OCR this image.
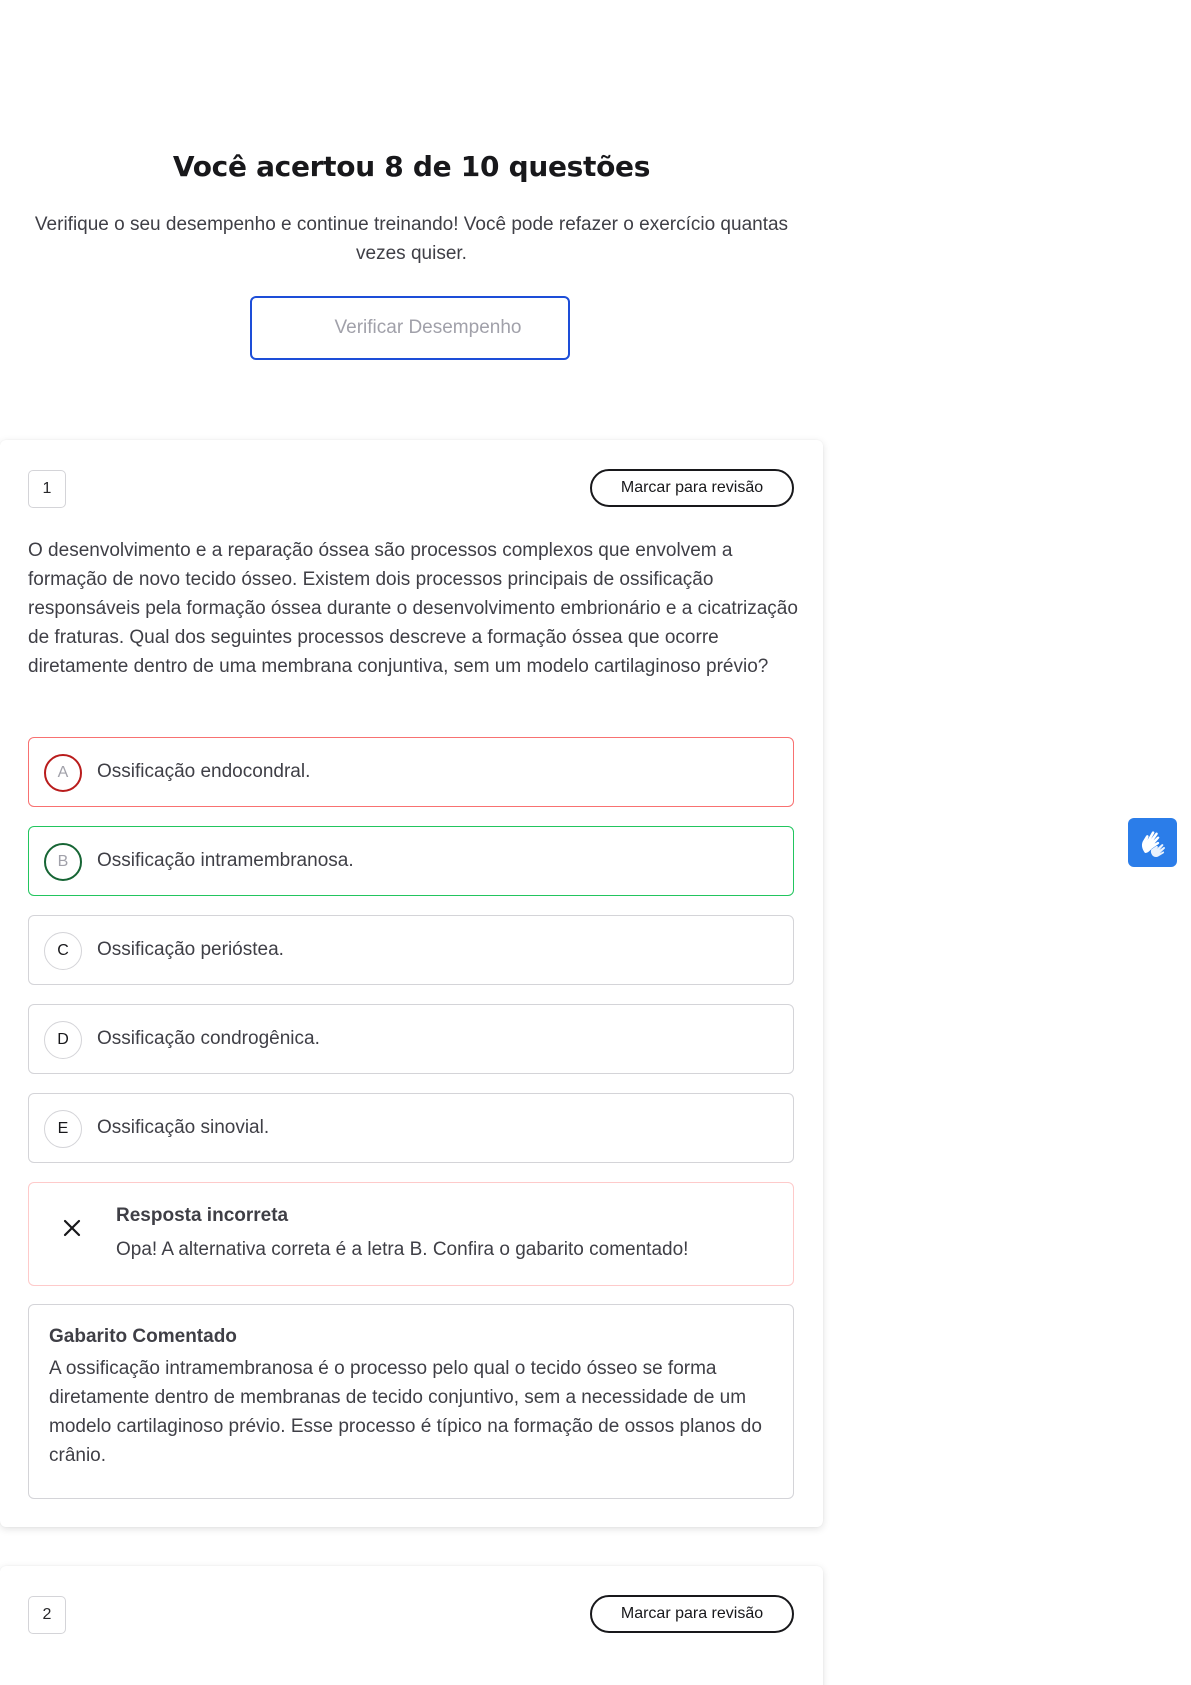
Você acertou 8 de 10 questões

Verifique o seu desempenho e continue treinando! Você pode refazer o exercício quantas vezes quiser.

Verificar Desempenho
1	Marcar para revisão

O desenvolvimento e a reparação óssea são processos complexos que envolvem a formação de novo tecido ósseo. Existem dois processos principais de ossificação responsáveis pela formação óssea durante o desenvolvimento embrionário e a cicatrização de fraturas. Qual dos seguintes processos descreve a formação óssea que ocorre diretamente dentro de uma membrana conjuntiva, sem um modelo cartilaginoso prévio?

A	Ossificação endocondral.
B	Ossificação intramembranosa.
C	Ossificação perióstea.
D	Ossificação condrogênica.
E	Ossificação sinovial.
Resposta incorreta
Opa! A alternativa correta é a letra B. Confira o gabarito comentado!
Gabarito Comentado

A ossificação intramembranosa é o processo pelo qual o tecido ósseo se forma diretamente dentro de membranas de tecido conjuntivo, sem a necessidade de um modelo cartilaginoso prévio. Esse processo é típico na formação de ossos planos do crânio.

2	Marcar para revisão
